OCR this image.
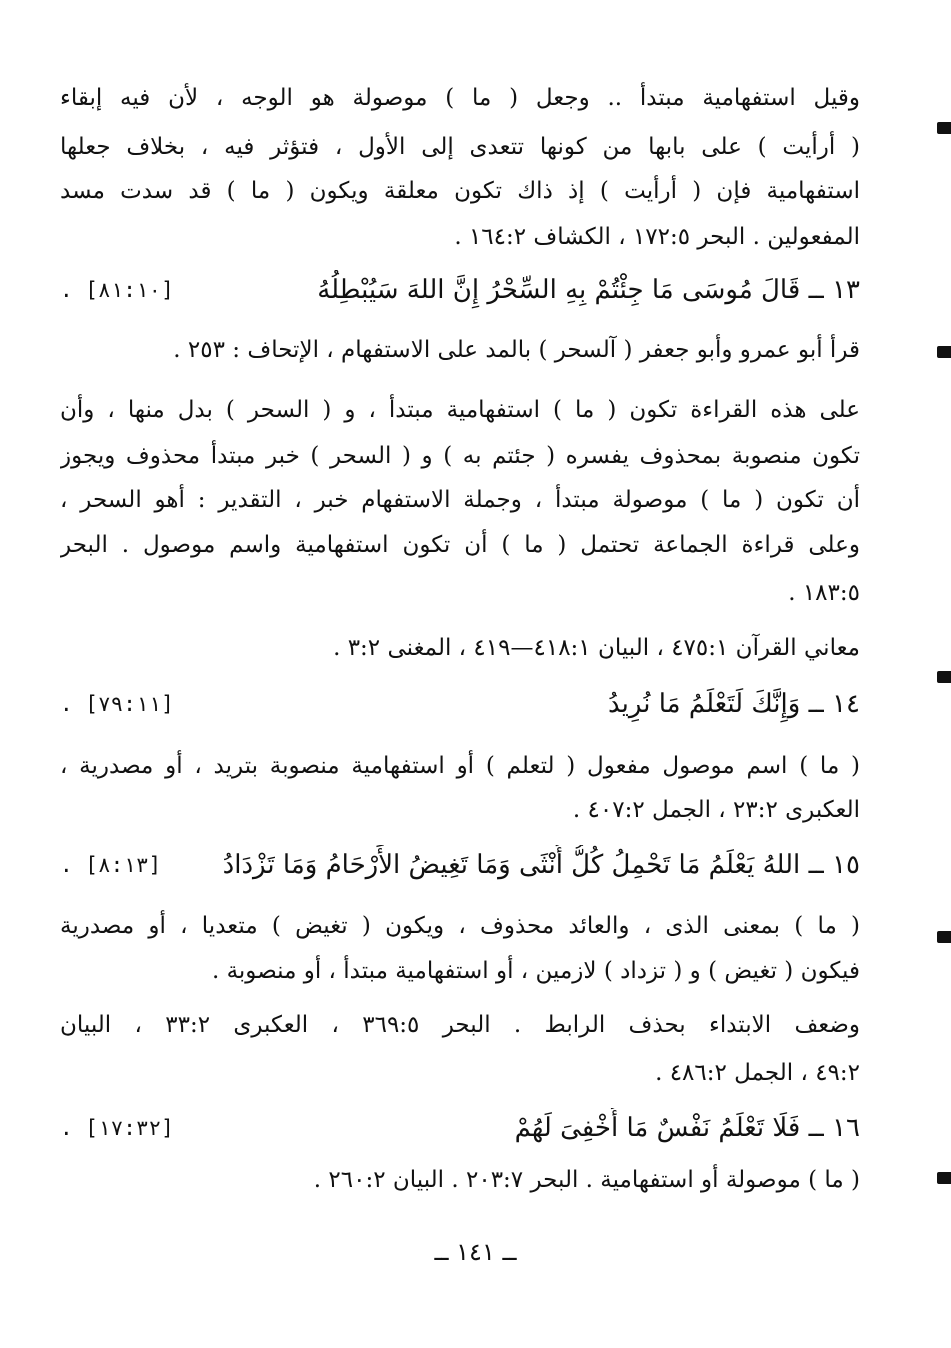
وقيل استفهامية مبتدأ .. وجعل ( ما ) موصولة هو الوجه ، لأن فيه إبقاء
( أرأيت ) على بابها من كونها تتعدى إلى الأول ، فتؤثر فيه ، بخلاف جعلها
استفهامية فإن ( أرأيت ) إذ ذاك تكون معلقة ويكون ( ما ) قد سدت مسد
المفعولين . البحر ١٧٢:٥ ، الكشاف ١٦٤:٢ .
١٣ ــ قَالَ مُوسَى مَا جِئْتُمْ بِهِ السِّحْرُ إِنَّ اللهَ سَيُبْطِلُهُ
. [٨١:١٠]
قرأ أبو عمرو وأبو جعفر ( آلسحر ) بالمد على الاستفهام ، الإتحاف : ٢٥٣ .
على هذه القراءة تكون ( ما ) استفهامية مبتدأ ، و ( السحر ) بدل منها ، وأن
تكون منصوبة بمحذوف يفسره ( جئتم به ) و ( السحر ) خبر مبتدأ محذوف ويجوز
أن تكون ( ما ) موصولة مبتدأ ، وجملة الاستفهام خبر ، التقدير : أهو السحر ،
وعلى قراءة الجماعة تحتمل ( ما ) أن تكون استفهامية واسم موصول . البحر
١٨٣:٥ .
معاني القرآن ٤٧٥:١ ، البيان ٤١٨:١—٤١٩ ، المغنى ٣:٢ .
١٤ ــ وَإِنَّكَ لَتَعْلَمُ مَا نُرِيدُ
. [٧٩:١١]
( ما ) اسم موصول مفعول ( لتعلم ) أو استفهامية منصوبة بتريد ، أو مصدرية ،
العكبرى ٢٣:٢ ، الجمل ٤٠٧:٢ .
١٥ ــ اللهُ يَعْلَمُ مَا تَحْمِلُ كُلُّ أُنْثَى وَمَا تَغِيضُ الأَرْحَامُ وَمَا تَزْدَادُ
. [٨:١٣]
( ما ) بمعنى الذى ، والعائد محذوف ، ويكون ( تغيض ) متعديا ، أو مصدرية
فيكون ( تغيض ) و ( تزداد ) لازمين ، أو استفهامية مبتدأ ، أو منصوبة .
وضعف الابتداء بحذف الرابط . البحر ٣٦٩:٥ ، العكبرى ٣٣:٢ ، البيان
٤٩:٢ ، الجمل ٤٨٦:٢ .
١٦ ــ فَلَا تَعْلَمُ نَفْسٌ مَا أُخْفِىَ لَهُمْ
. [١٧:٣٢]
( ما ) موصولة أو استفهامية . البحر ٢٠٣:٧ . البيان ٢٦٠:٢ .
ــ ١٤١ ــ
